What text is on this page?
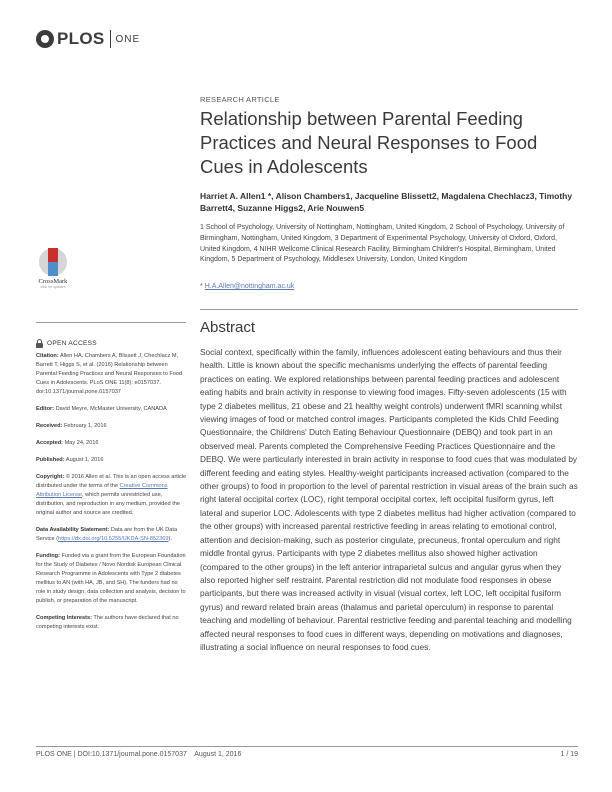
PLOS ONE
RESEARCH ARTICLE
Relationship between Parental Feeding Practices and Neural Responses to Food Cues in Adolescents
Harriet A. Allen1 *, Alison Chambers1, Jacqueline Blissett2, Magdalena Chechlacz3, Timothy Barrett4, Suzanne Higgs2, Arie Nouwen5
1 School of Psychology, University of Nottingham, Nottingham, United Kingdom, 2 School of Psychology, University of Birmingham, Nottingham, United Kingdom, 3 Department of Experimental Psychology, University of Oxford, Oxford, United Kingdom, 4 NIHR Wellcome Clinical Research Facility, Birmingham Children's Hospital, Birmingham, United Kingdom, 5 Department of Psychology, Middlesex University, London, United Kingdom
* H.A.Allen@nottingham.ac.uk
CrossMark
click for updates
OPEN ACCESS

Citation: Allen HA, Chambers A, Blissett J, Chechlacz M, Barrett T, Higgs S, et al. (2016) Relationship between Parental Feeding Practices and Neural Responses to Food Cues in Adolescents. PLoS ONE 11(8): e0157037. doi:10.1371/journal.pone.0157037

Editor: David Meyre, McMaster University, CANADA

Received: February 1, 2016

Accepted: May 24, 2016

Published: August 1, 2016

Copyright: © 2016 Allen et al. This is an open access article distributed under the terms of the Creative Commons Attribution License, which permits unrestricted use, distribution, and reproduction in any medium, provided the original author and source are credited.

Data Availability Statement: Data are from the UK Data Service (https://dx.doi.org/10.5255/UKDA-SN-852369).

Funding: Funded via a grant from the European Foundation for the Study of Diabetes / Novo Nordisk European Clinical Research Programme in Adolescents with Type 2 diabetes mellitus to AN (with HA, JB, and SH). The funders had no role in study design, data collection and analysis, decision to publish, or preparation of the manuscript.

Competing Interests: The authors have declared that no competing interests exist.

Abstract

Social context, specifically within the family, influences adolescent eating behaviours and thus their health. Little is known about the specific mechanisms underlying the effects of parental feeding practices on eating. We explored relationships between parental feeding practices and adolescent eating habits and brain activity in response to viewing food images. Fifty-seven adolescents (15 with type 2 diabetes mellitus, 21 obese and 21 healthy weight controls) underwent fMRI scanning whilst viewing images of food or matched control images. Participants completed the Kids Child Feeding Questionnaire, the Childrens' Dutch Eating Behaviour Questionnaire (DEBQ) and took part in an observed meal. Parents completed the Comprehensive Feeding Practices Questionnaire and the DEBQ. We were particularly interested in brain activity in response to food cues that was modulated by different feeding and eating styles. Healthy-weight participants increased activation (compared to the other groups) to food in proportion to the level of parental restriction in visual areas of the brain such as right lateral occipital cortex (LOC), right temporal occipital cortex, left occipital fusiform gyrus, left lateral and superior LOC. Adolescents with type 2 diabetes mellitus had higher activation (compared to the other groups) with increased parental restrictive feeding in areas relating to emotional control, attention and decision-making, such as posterior cingulate, precuneus, frontal operculum and right middle frontal gyrus. Participants with type 2 diabetes mellitus also showed higher activation (compared to the other groups) in the left anterior intraparietal sulcus and angular gyrus when they also reported higher self restraint. Parental restriction did not modulate food responses in obese participants, but there was increased activity in visual (visual cortex, left LOC, left occipital fusiform gyrus) and reward related brain areas (thalamus and parietal operculum) in response to parental teaching and modelling of behaviour. Parental restrictive feeding and parental teaching and modelling affected neural responses to food cues in different ways, depending on motivations and diagnoses, illustrating a social influence on neural responses to food cues.

PLOS ONE | DOI:10.1371/journal.pone.0157037    August 1, 2016	1 / 19
